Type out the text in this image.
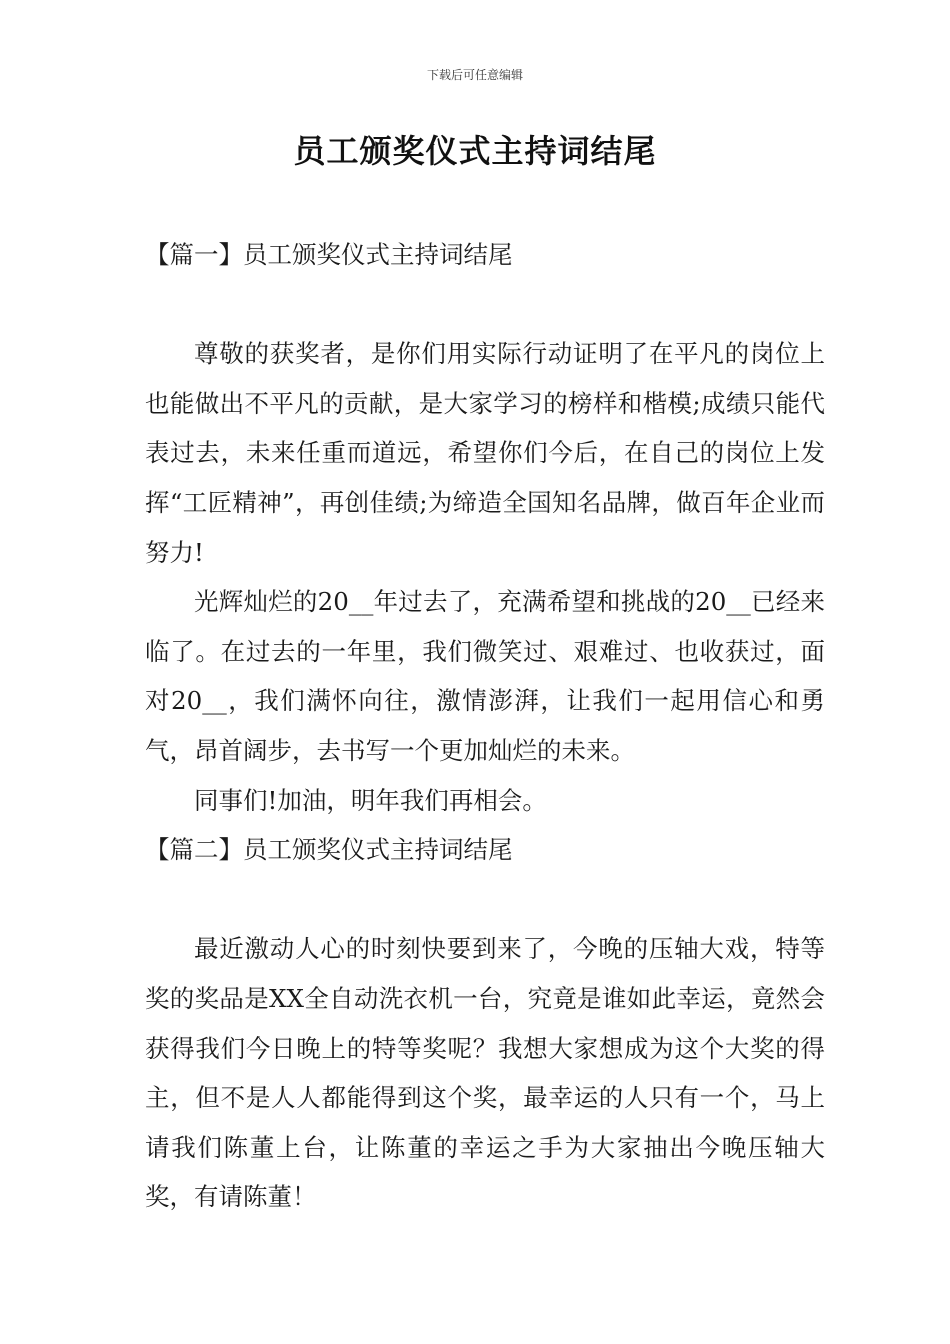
下载后可任意编辑
员工颁奖仪式主持词结尾

【篇一】员工颁奖仪式主持词结尾

尊敬的获奖者，是你们用实际行动证明了在平凡的岗位上也能做出不平凡的贡献，是大家学习的榜样和楷模;成绩只能代表过去，未来任重而道远，希望你们今后，在自己的岗位上发挥“工匠精神”，再创佳绩;为缔造全国知名品牌，做百年企业而努力!

光辉灿烂的20__年过去了，充满希望和挑战的20__已经来临了。在过去的一年里，我们微笑过、艰难过、也收获过，面对20__，我们满怀向往，激情澎湃，让我们一起用信心和勇气，昂首阔步，去书写一个更加灿烂的未来。

同事们!加油，明年我们再相会。

【篇二】员工颁奖仪式主持词结尾

最近激动人心的时刻快要到来了，今晚的压轴大戏，特等奖的奖品是XX全自动洗衣机一台，究竟是谁如此幸运，竟然会获得我们今日晚上的特等奖呢？我想大家想成为这个大奖的得主，但不是人人都能得到这个奖，最幸运的人只有一个，马上请我们陈董上台，让陈董的幸运之手为大家抽出今晚压轴大奖，有请陈董！
